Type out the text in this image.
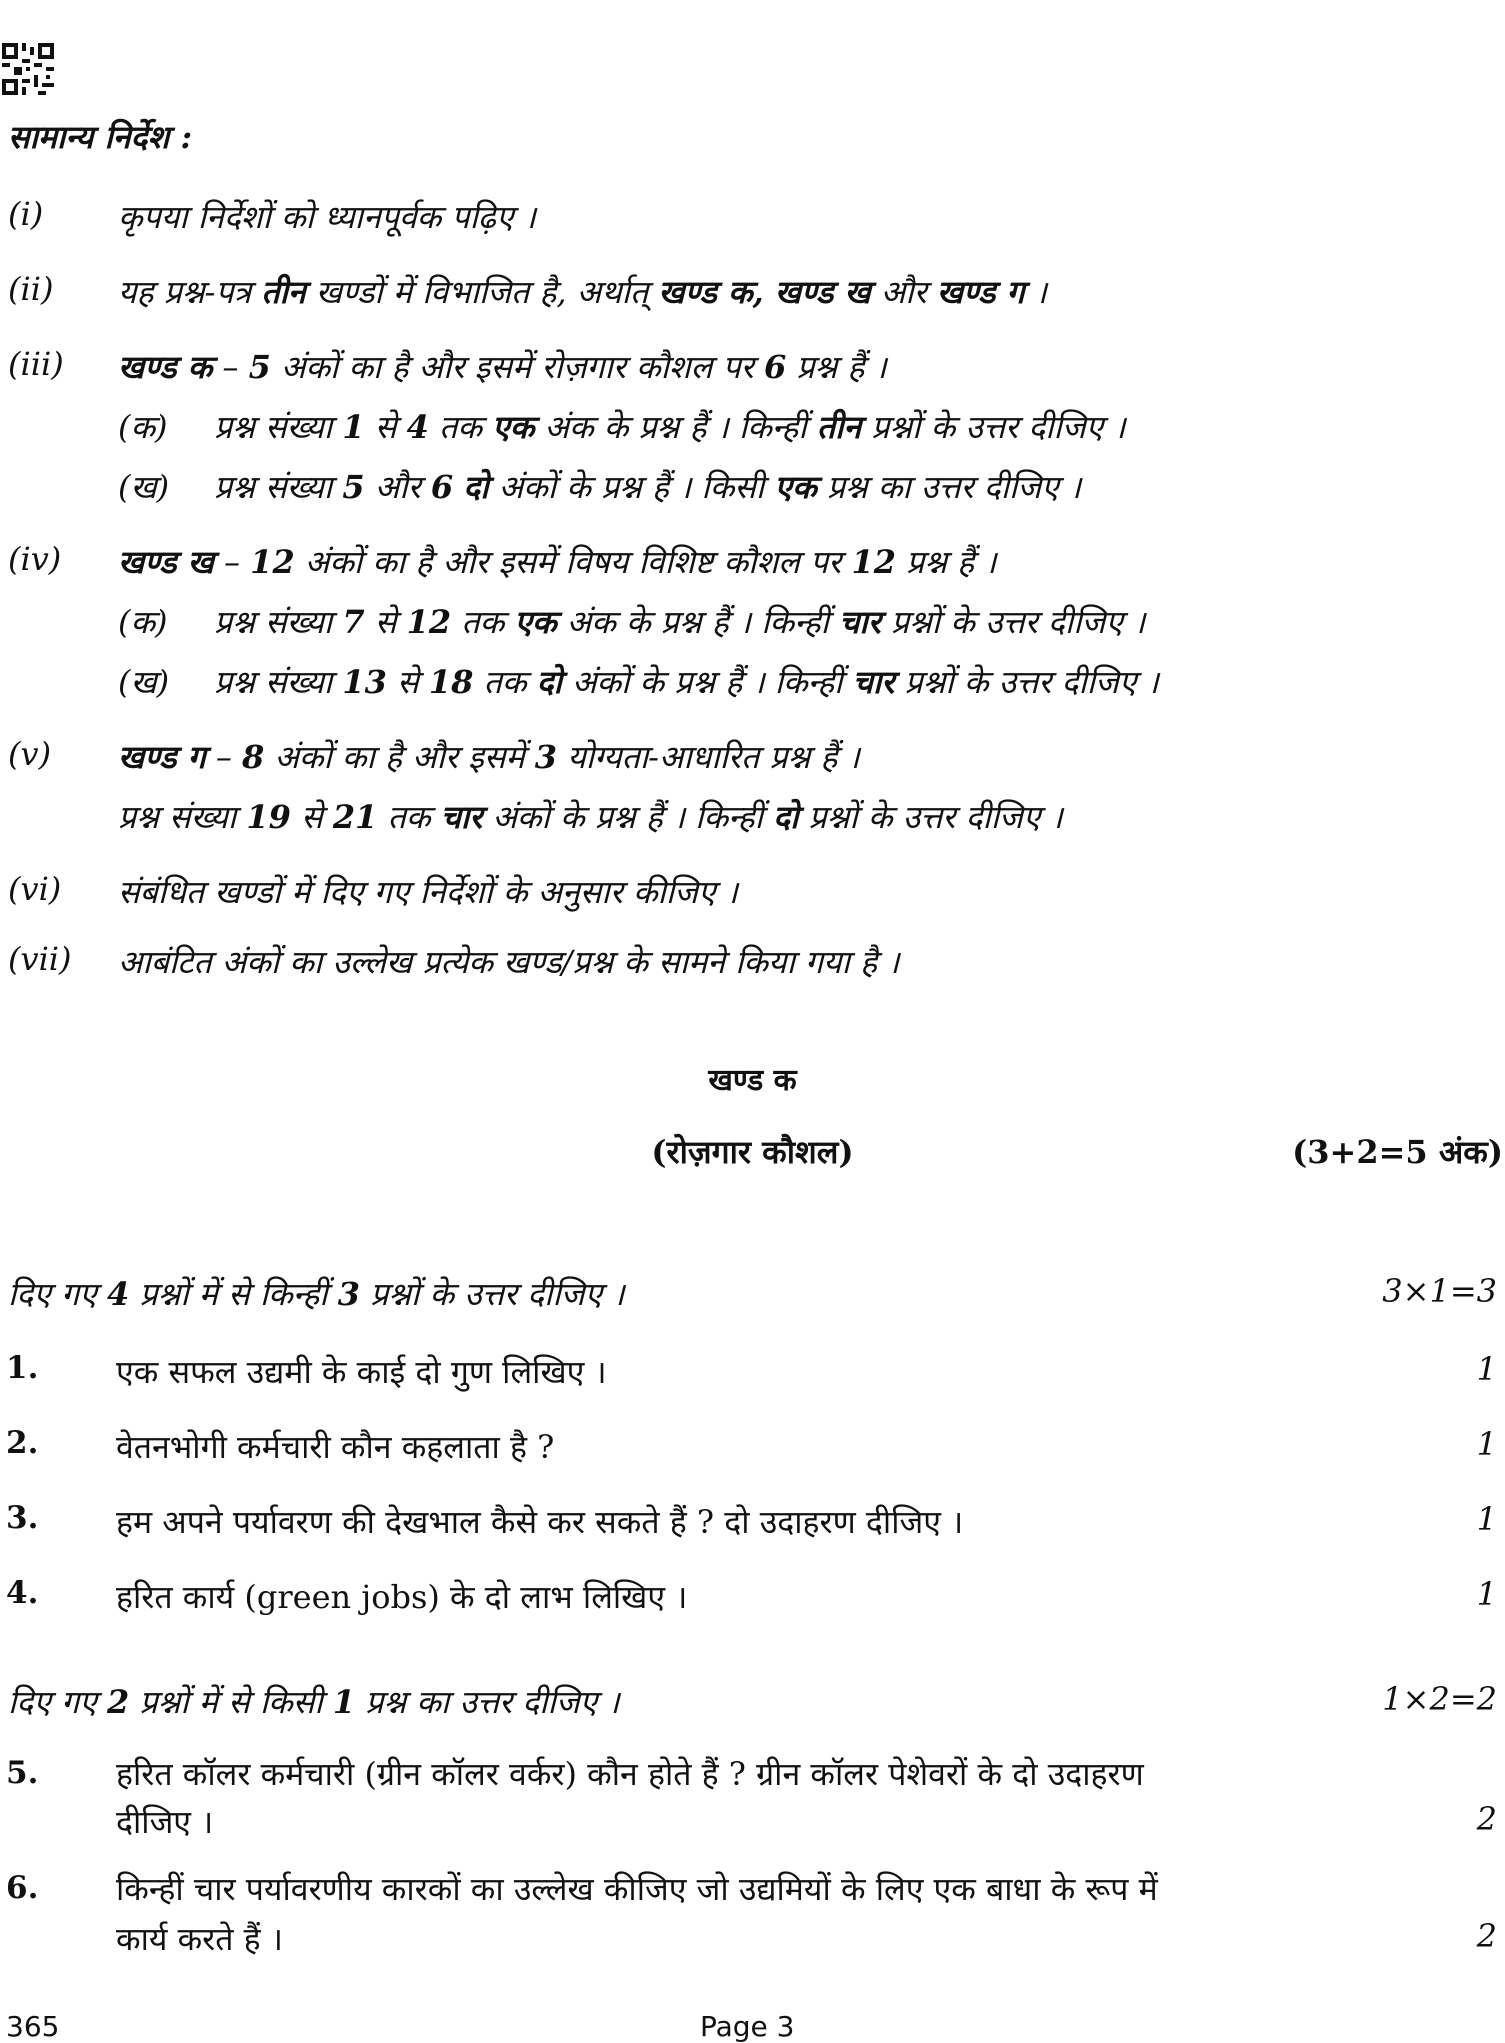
सामान्य निर्देश :
(i) कृपया निर्देशों को ध्यानपूर्वक पढ़िए ।
(ii) यह प्रश्न-पत्र तीन खण्डों में विभाजित है, अर्थात् खण्ड क, खण्ड ख और खण्ड ग ।
(iii) खण्ड क – 5 अंकों का है और इसमें रोज़गार कौशल पर 6 प्रश्न हैं ।
(क) प्रश्न संख्या 1 से 4 तक एक अंक के प्रश्न हैं । किन्हीं तीन प्रश्नों के उत्तर दीजिए ।
(ख) प्रश्न संख्या 5 और 6 दो अंकों के प्रश्न हैं । किसी एक प्रश्न का उत्तर दीजिए ।
(iv) खण्ड ख – 12 अंकों का है और इसमें विषय विशिष्ट कौशल पर 12 प्रश्न हैं ।
(क) प्रश्न संख्या 7 से 12 तक एक अंक के प्रश्न हैं । किन्हीं चार प्रश्नों के उत्तर दीजिए ।
(ख) प्रश्न संख्या 13 से 18 तक दो अंकों के प्रश्न हैं । किन्हीं चार प्रश्नों के उत्तर दीजिए ।
(v) खण्ड ग – 8 अंकों का है और इसमें 3 योग्यता-आधारित प्रश्न हैं ।
प्रश्न संख्या 19 से 21 तक चार अंकों के प्रश्न हैं । किन्हीं दो प्रश्नों के उत्तर दीजिए ।
(vi) संबंधित खण्डों में दिए गए निर्देशों के अनुसार कीजिए ।
(vii) आबंटित अंकों का उल्लेख प्रत्येक खण्ड/प्रश्न के सामने किया गया है ।
खण्ड क
(रोज़गार कौशल)	(3+2=5 अंक)
दिए गए 4 प्रश्नों में से किन्हीं 3 प्रश्नों के उत्तर दीजिए ।	3×1=3
1. एक सफल उद्यमी के काई दो गुण लिखिए ।	1
2. वेतनभोगी कर्मचारी कौन कहलाता है ?	1
3. हम अपने पर्यावरण की देखभाल कैसे कर सकते हैं ? दो उदाहरण दीजिए ।	1
4. हरित कार्य (green jobs) के दो लाभ लिखिए ।	1
दिए गए 2 प्रश्नों में से किसी 1 प्रश्न का उत्तर दीजिए ।	1×2=2
5. हरित कॉलर कर्मचारी (ग्रीन कॉलर वर्कर) कौन होते हैं ? ग्रीन कॉलर पेशेवरों के दो उदाहरण
दीजिए ।	2
6. किन्हीं चार पर्यावरणीय कारकों का उल्लेख कीजिए जो उद्यमियों के लिए एक बाधा के रूप में
कार्य करते हैं ।	2
365	Page 3
